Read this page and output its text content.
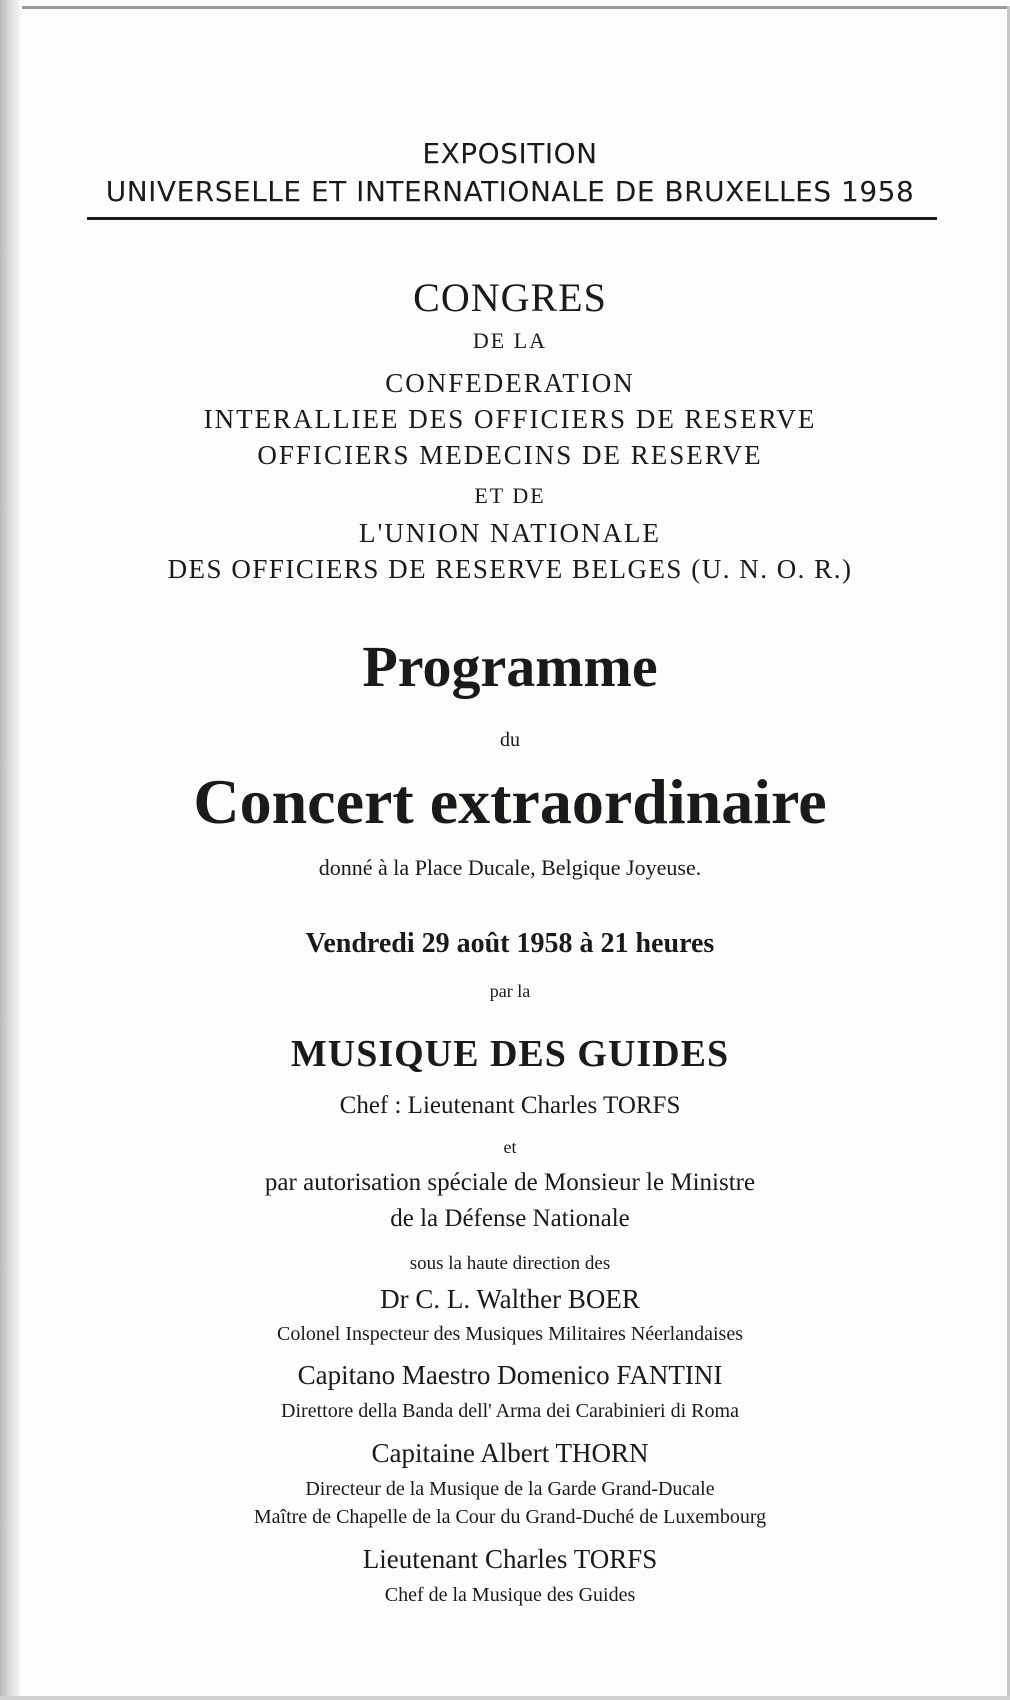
EXPOSITION
UNIVERSELLE ET INTERNATIONALE DE BRUXELLES 1958
CONGRES
DE LA
CONFEDERATION
INTERALLIEE DES OFFICIERS DE RESERVE
OFFICIERS MEDECINS DE RESERVE
ET DE
L'UNION NATIONALE
DES OFFICIERS DE RESERVE BELGES (U. N. O. R.)
Programme
du
Concert extraordinaire
donné à la Place Ducale, Belgique Joyeuse.
Vendredi 29 août 1958 à 21 heures
par la
MUSIQUE DES GUIDES
Chef : Lieutenant Charles TORFS
et
par autorisation spéciale de Monsieur le Ministre
de la Défense Nationale
sous la haute direction des
Dr C. L. Walther BOER
Colonel Inspecteur des Musiques Militaires Néerlandaises
Capitano Maestro Domenico FANTINI
Direttore della Banda dell' Arma dei Carabinieri di Roma
Capitaine Albert THORN
Directeur de la Musique de la Garde Grand-Ducale
Maître de Chapelle de la Cour du Grand-Duché de Luxembourg
Lieutenant Charles TORFS
Chef de la Musique des Guides
